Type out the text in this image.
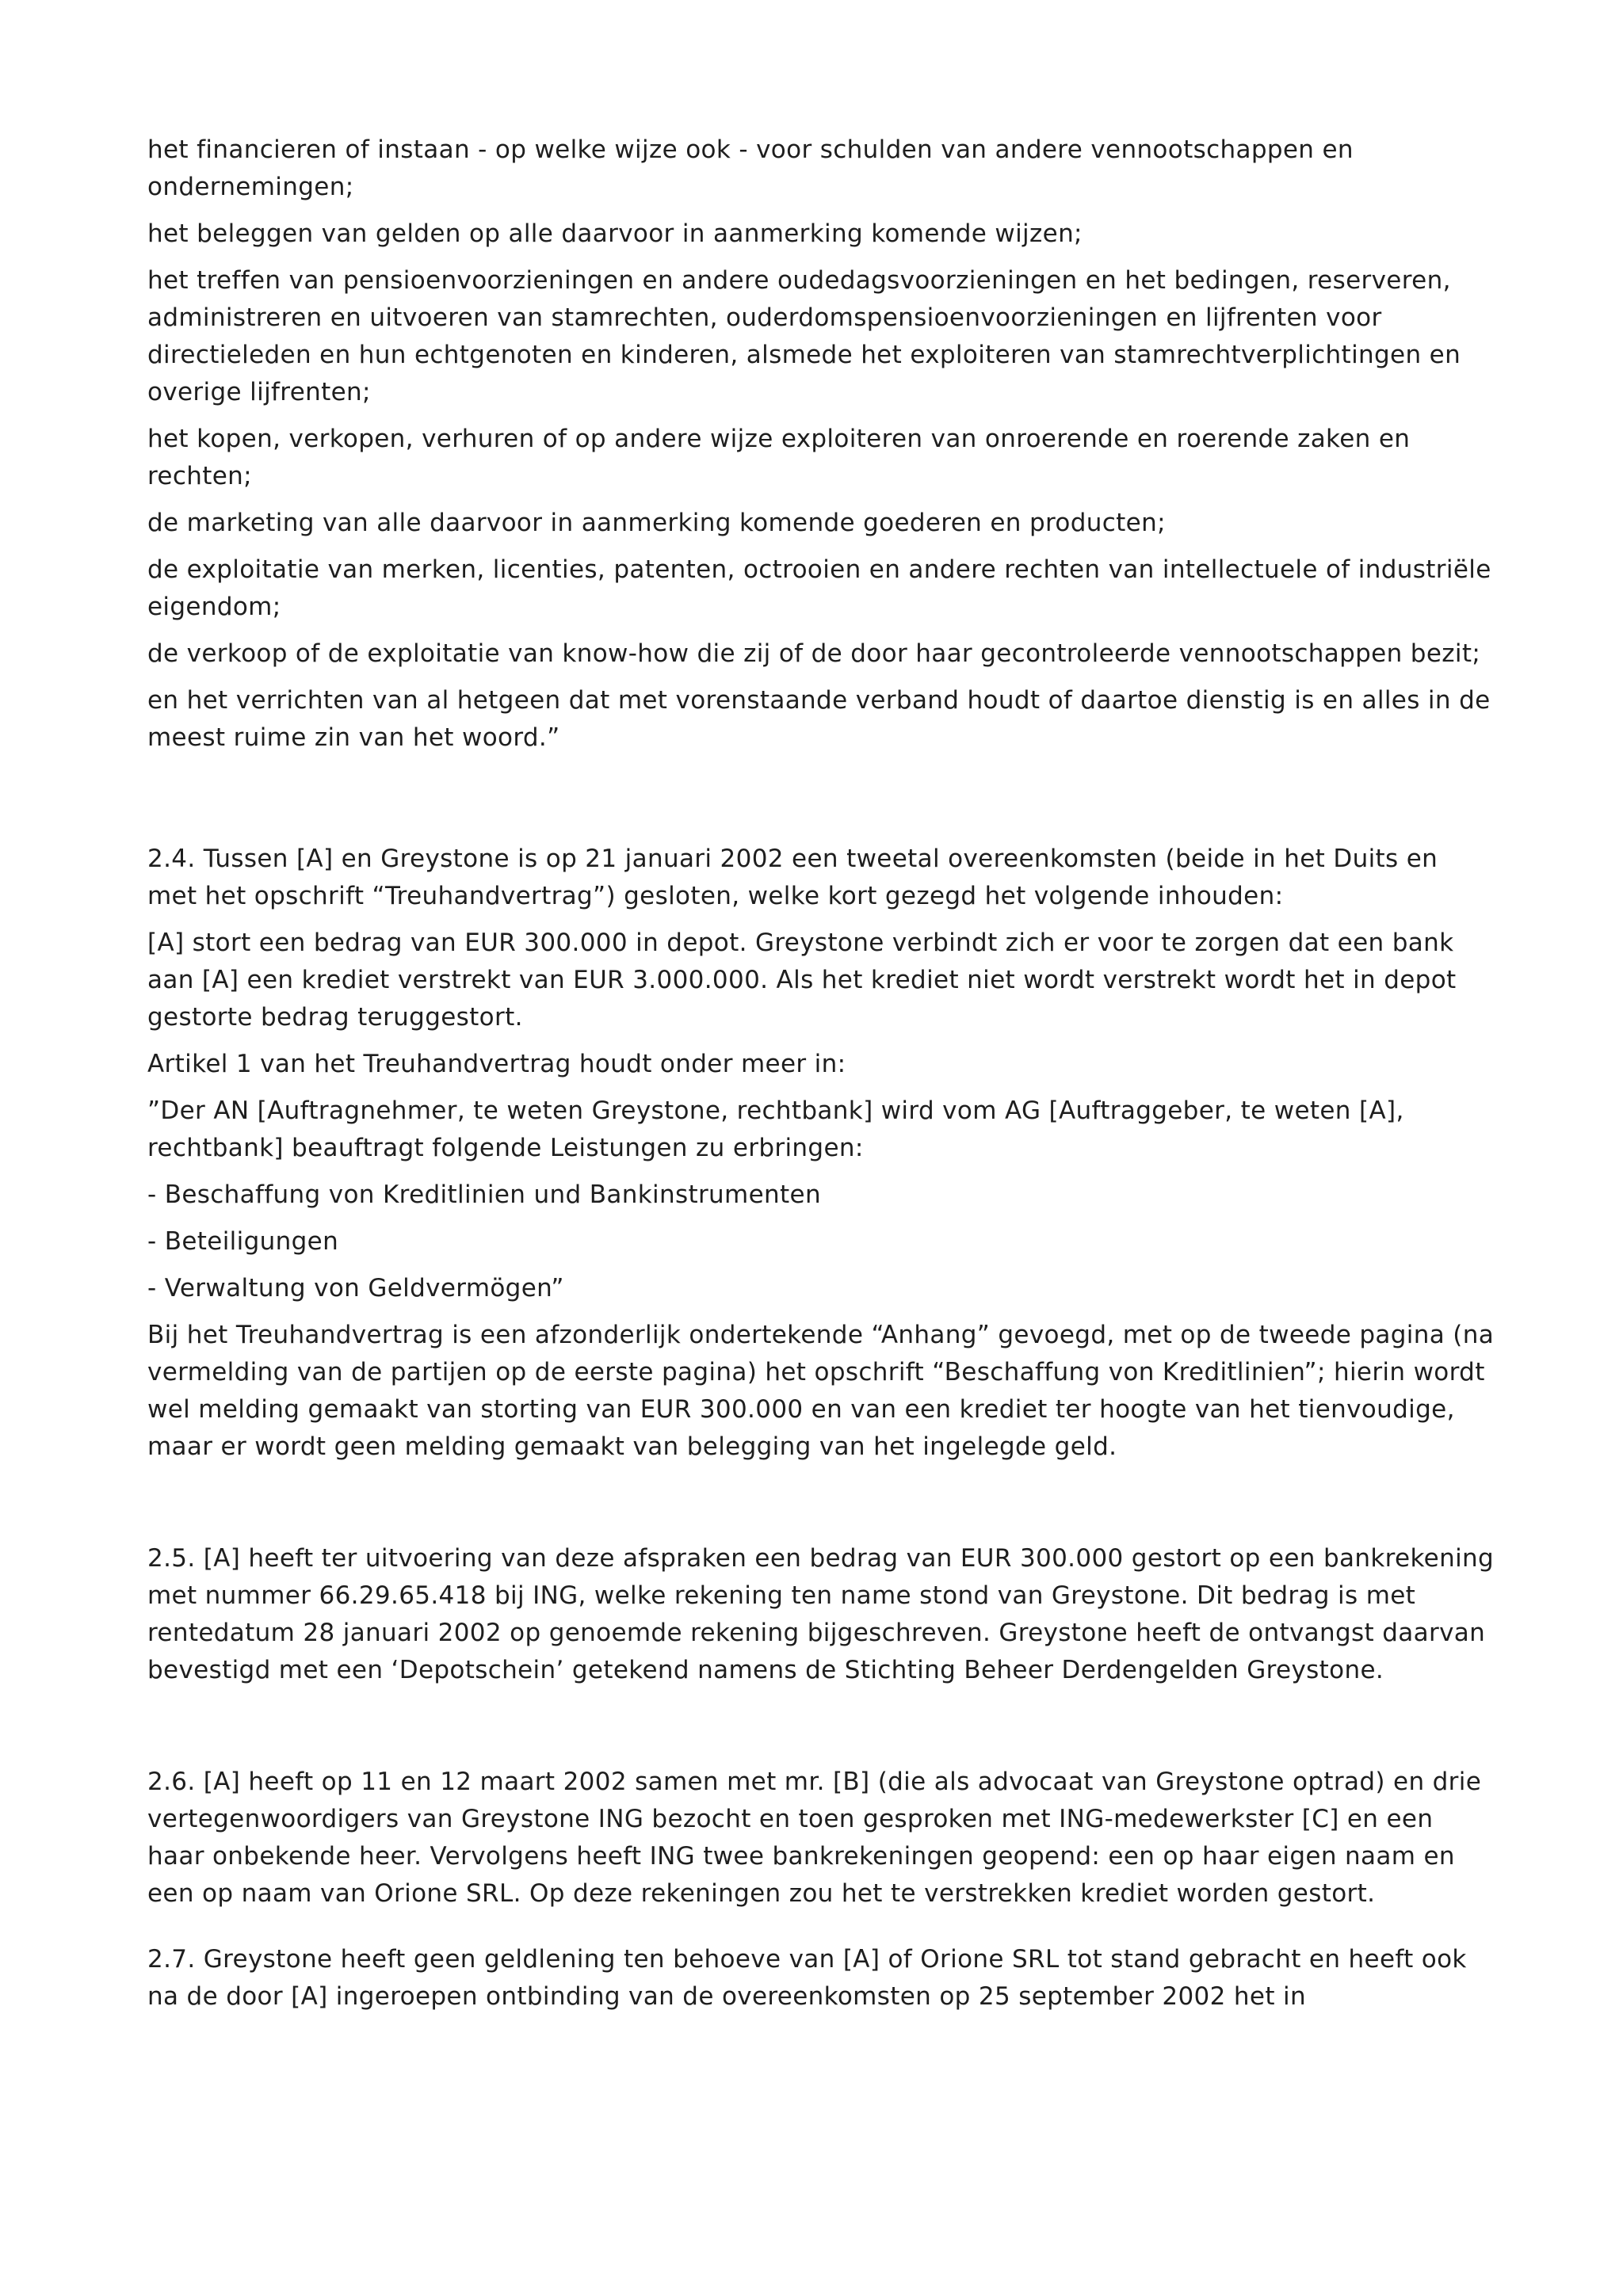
het financieren of instaan - op welke wijze ook - voor schulden van andere vennootschappen en ondernemingen;

het beleggen van gelden op alle daarvoor in aanmerking komende wijzen;

het treffen van pensioenvoorzieningen en andere oudedagsvoorzieningen en het bedingen, reserveren, administreren en uitvoeren van stamrechten, ouderdomspensioenvoorzieningen en lijfrenten voor directieleden en hun echtgenoten en kinderen, alsmede het exploiteren van stamrechtverplichtingen en overige lijfrenten;

het kopen, verkopen, verhuren of op andere wijze exploiteren van onroerende en roerende zaken en rechten;

de marketing van alle daarvoor in aanmerking komende goederen en producten;

de exploitatie van merken, licenties, patenten, octrooien en andere rechten van intellectuele of industriële eigendom;

de verkoop of de exploitatie van know-how die zij of de door haar gecontroleerde vennootschappen bezit;

en het verrichten van al hetgeen dat met vorenstaande verband houdt of daartoe dienstig is en alles in de meest ruime zin van het woord.”

2.4. Tussen [A] en Greystone is op 21 januari 2002 een tweetal overeenkomsten (beide in het Duits en met het opschrift “Treuhandvertrag”) gesloten, welke kort gezegd het volgende inhouden:

[A] stort een bedrag van EUR 300.000 in depot. Greystone verbindt zich er voor te zorgen dat een bank aan [A] een krediet verstrekt van EUR 3.000.000. Als het krediet niet wordt verstrekt wordt het in depot gestorte bedrag teruggestort.

Artikel 1 van het Treuhandvertrag houdt onder meer in:

”Der AN [Auftragnehmer, te weten Greystone, rechtbank] wird vom AG [Auftraggeber, te weten [A], rechtbank] beauftragt folgende Leistungen zu erbringen:

- Beschaffung von Kreditlinien und Bankinstrumenten

- Beteiligungen

- Verwaltung von Geldvermögen”

Bij het Treuhandvertrag is een afzonderlijk ondertekende “Anhang” gevoegd, met op de tweede pagina (na vermelding van de partijen op de eerste pagina) het opschrift “Beschaffung von Kreditlinien”; hierin wordt wel melding gemaakt van storting van EUR 300.000 en van een krediet ter hoogte van het tienvoudige, maar er wordt geen melding gemaakt van belegging van het ingelegde geld.

2.5. [A] heeft ter uitvoering van deze afspraken een bedrag van EUR 300.000 gestort op een bankrekening met nummer 66.29.65.418 bij ING, welke rekening ten name stond van Greystone. Dit bedrag is met rentedatum 28 januari 2002 op genoemde rekening bijgeschreven. Greystone heeft de ontvangst daarvan bevestigd met een ‘Depotschein’ getekend namens de Stichting Beheer Derdengelden Greystone.

2.6. [A] heeft op 11 en 12 maart 2002 samen met mr. [B] (die als advocaat van Greystone optrad) en drie vertegenwoordigers van Greystone ING bezocht en toen gesproken met ING-medewerkster [C] en een haar onbekende heer. Vervolgens heeft ING twee bankrekeningen geopend: een op haar eigen naam en een op naam van Orione SRL. Op deze rekeningen zou het te verstrekken krediet worden gestort.

2.7. Greystone heeft geen geldlening ten behoeve van [A] of Orione SRL tot stand gebracht en heeft ook na de door [A] ingeroepen ontbinding van de overeenkomsten op 25 september 2002 het in
